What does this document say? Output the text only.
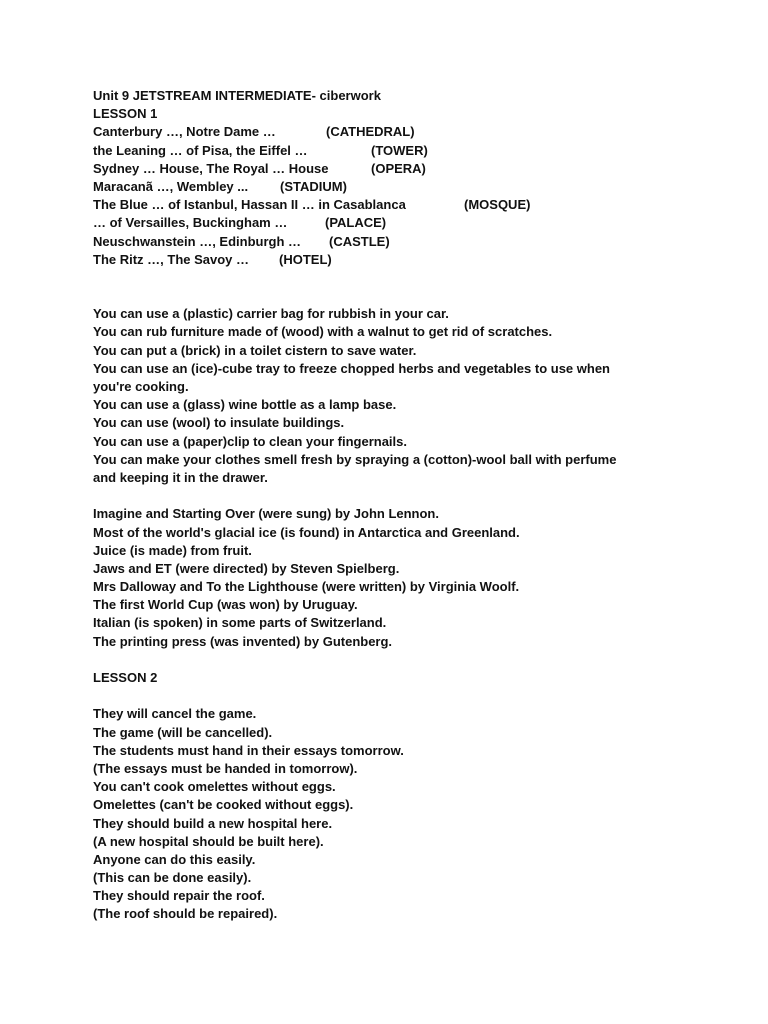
Unit 9 JETSTREAM INTERMEDIATE- ciberwork
LESSON 1
Canterbury …, Notre Dame …	(CATHEDRAL)
the Leaning … of Pisa, the Eiffel …	(TOWER)
Sydney … House, The Royal … House	(OPERA)
Maracanã …, Wembley ...	(STADIUM)
The Blue … of Istanbul, Hassan II … in Casablanca	(MOSQUE)
… of Versailles, Buckingham …	(PALACE)
Neuschwanstein …, Edinburgh …	(CASTLE)
The Ritz …, The Savoy …	(HOTEL)
You can use a (plastic) carrier bag for rubbish in your car.
You can rub furniture made of (wood) with a walnut to get rid of scratches.
You can put a (brick) in a toilet cistern to save water.
You can use an (ice)-cube tray to freeze chopped herbs and vegetables to use when
you're cooking.
You can use a (glass) wine bottle as a lamp base.
You can use (wool) to insulate buildings.
You can use a (paper)clip to clean your fingernails.
You can make your clothes smell fresh by spraying a (cotton)-wool ball with perfume
and keeping it in the drawer.
Imagine and Starting Over (were sung) by John Lennon.
Most of the world's glacial ice (is found) in Antarctica and Greenland.
Juice (is made) from fruit.
Jaws and ET (were directed) by Steven Spielberg.
Mrs Dalloway and To the Lighthouse (were written) by Virginia Woolf.
The first World Cup (was won) by Uruguay.
Italian (is spoken) in some parts of Switzerland.
The printing press (was invented) by Gutenberg.
LESSON 2
They will cancel the game.
The game (will be cancelled).
The students must hand in their essays tomorrow.
(The essays must be handed in tomorrow).
You can't cook omelettes without eggs.
Omelettes (can't be cooked without eggs).
They should build a new hospital here.
(A new hospital should be built here).
Anyone can do this easily.
(This can be done easily).
They should repair the roof.
(The roof should be repaired).
